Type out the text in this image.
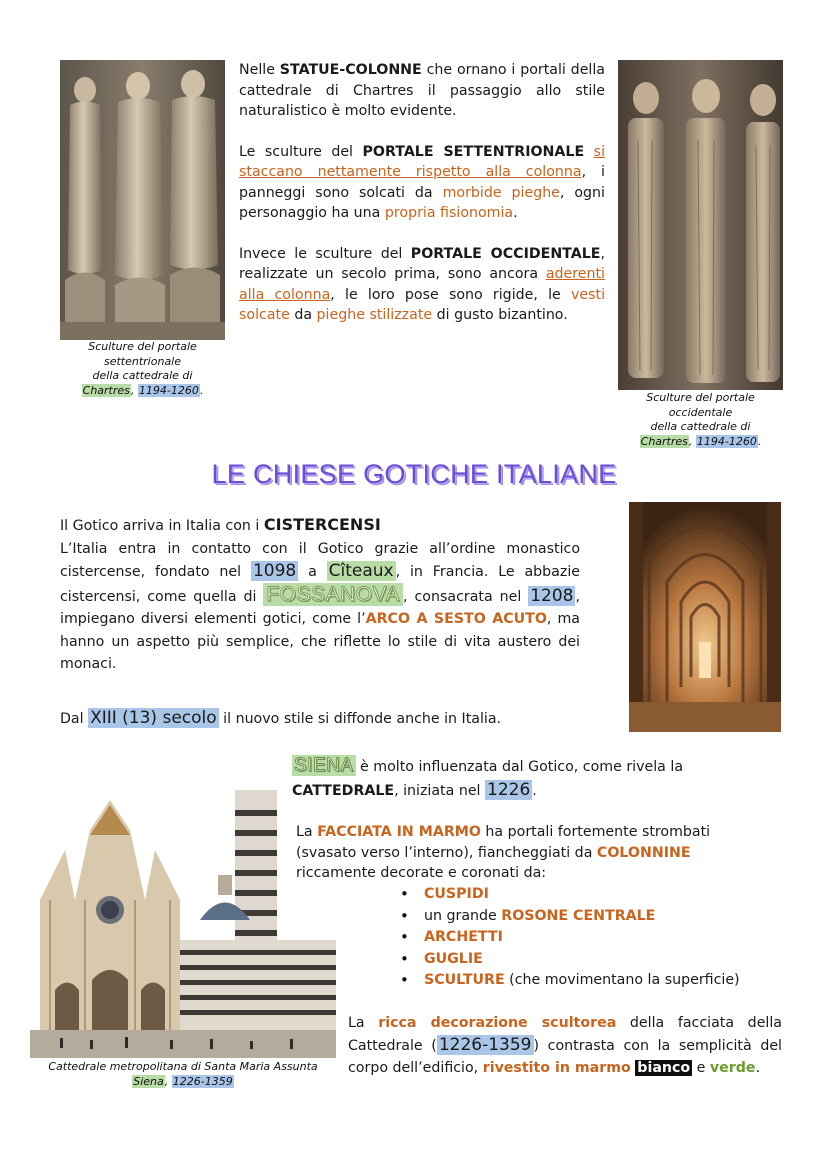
Sculture del portale
settentrionale
della cattedrale di
Chartres, 1194-1260.
Sculture del portale
occidentale
della cattedrale di
Chartres, 1194-1260.

Nelle STATUE-COLONNE che ornano i portali della cattedrale di Chartres il passaggio allo stile naturalistico è molto evidente.

Le sculture del PORTALE SETTENTRIONALE si staccano nettamente rispetto alla colonna, i panneggi sono solcati da morbide pieghe, ogni personaggio ha una propria fisionomia.

Invece le sculture del PORTALE OCCIDENTALE, realizzate un secolo prima, sono ancora aderenti alla colonna, le loro pose sono rigide, le vesti solcate da pieghe stilizzate di gusto bizantino.

LE CHIESE GOTICHE ITALIANE
Il Gotico arriva in Italia con i CISTERCENSI
L’Italia entra in contatto con il Gotico grazie all’ordine monastico cistercense, fondato nel 1098 a Cîteaux , in Francia. Le abbazie cistercensi, come quella di FOSSANOVA , consacrata nel 1208 , impiegano diversi elementi gotici, come l’ARCO A SESTO ACUTO, ma hanno un aspetto più semplice, che riflette lo stile di vita austero dei monaci.
Dal XIII (13) secolo il nuovo stile si diffonde anche in Italia.
Cattedrale metropolitana di Santa Maria Assunta
Siena, 1226-1359
SIENA è molto influenzata dal Gotico, come rivela la
CATTEDRALE, iniziata nel 1226 .
La FACCIATA IN MARMO ha portali fortemente strombati (svasato verso l’interno), fiancheggiati da COLONNINE riccamente decorate e coronati da:
• CUSPIDI
• un grande ROSONE CENTRALE
• ARCHETTI
• GUGLIE
• SCULTURE (che movimentano la superficie)
La ricca decorazione scultorea della facciata della Cattedrale ( 1226-1359 ) contrasta con la semplicità del corpo dell’edificio, rivestito in marmo bianco e verde.
